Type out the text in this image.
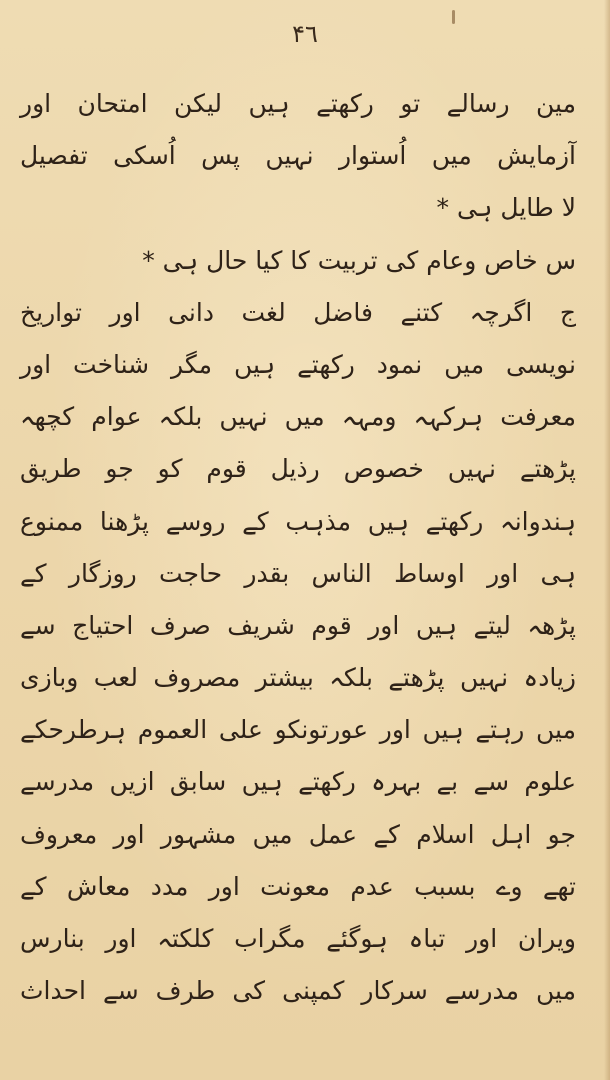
۴٦
مین رسالے تو رکھتے ہیں لیکن امتحان اور
آزمایش میں اُستوار نہیں پس اُسکی تفصیل
لا طایل ہی *
س خاص وعام کی تربیت کا کیا حال ہی *
ج اگرچہ کتنے فاضل لغت دانی اور تواریخ
نویسی میں نمود رکھتے ہیں مگر شناخت اور
معرفت ہرکہہ ومہہ میں نہیں بلکہ عوام کچھہ
پڑھتے نہیں خصوص رذیل قوم کو جو طریق
ہندوانہ رکھتے ہیں مذہب کے روسے پڑھنا ممنوع
ہی اور اوساط الناس بقدر حاجت روزگار کے
پڑھہ لیتے ہیں اور قوم شریف صرف احتیاج سے
زیادہ نہیں پڑھتے بلکہ بیشتر مصروف لعب وبازی
میں رہتے ہیں اور عورتونکو علی العموم ہرطرحکے
علوم سے بے بہرہ رکھتے ہیں سابق ازیں مدرسے
جو اہل اسلام کے عمل میں مشہور اور معروف
تھے وے بسبب عدم معونت اور مدد معاش کے
ویران اور تباہ ہوگئے مگراب کلکتہ اور بنارس
میں مدرسے سرکار کمپنی کی طرف سے احداث
